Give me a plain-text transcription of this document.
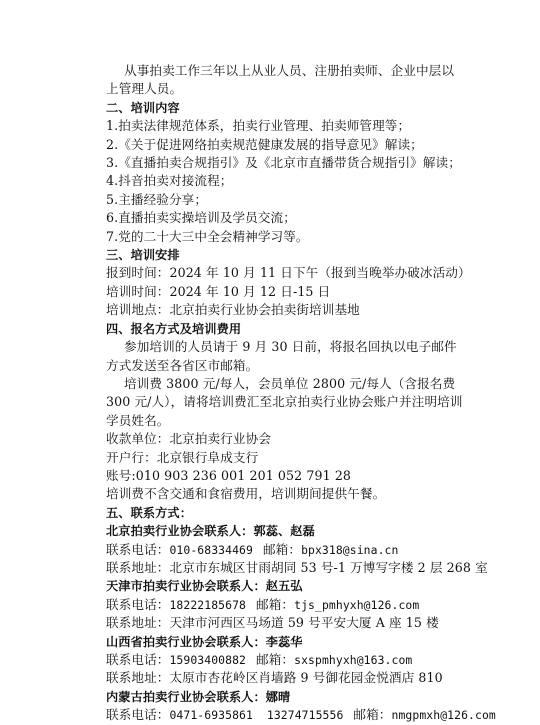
从事拍卖工作三年以上从业人员、注册拍卖师、企业中层以上管理人员。

二、培训内容

1.拍卖法律规范体系，拍卖行业管理、拍卖师管理等；

2.《关于促进网络拍卖规范健康发展的指导意见》解读；

3.《直播拍卖合规指引》及《北京市直播带货合规指引》解读；

4.抖音拍卖对接流程；

5.主播经验分享；

6.直播拍卖实操培训及学员交流；

7.党的二十大三中全会精神学习等。

三、培训安排

报到时间：2024 年 10 月 11 日下午（报到当晚举办破冰活动）

培训时间：2024 年 10 月 12 日-15 日

培训地点：北京拍卖行业协会拍卖街培训基地

四、报名方式及培训费用

参加培训的人员请于 9 月 30 日前，将报名回执以电子邮件方式发送至各省区市邮箱。

培训费 3800 元/每人，会员单位 2800 元/每人（含报名费 300 元/人），请将培训费汇至北京拍卖行业协会账户并注明培训学员姓名。

收款单位：北京拍卖行业协会

开户行：北京银行阜成支行

账号:010 903 236 001 201 052 791 28

培训费不含交通和食宿费用，培训期间提供午餐。

五、联系方式：

北京拍卖行业协会联系人：郭蕊、赵磊

联系电话：010-68334469 邮箱：bpx318@sina.cn

联系地址：北京市东城区甘雨胡同 53 号-1 万博写字楼 2 层 268 室

天津市拍卖行业协会联系人：赵五弘

联系电话：18222185678 邮箱：tjs_pmhyxh@126.com

联系地址：天津市河西区马场道 59 号平安大厦 A 座 15 楼

山西省拍卖行业协会联系人：李蕊华

联系电话：15903400882 邮箱：sxspmhyxh@163.com

联系地址：太原市杏花岭区肖墙路 9 号御花园金悦酒店 810

内蒙古拍卖行业协会联系人：娜晴

联系电话：0471-6935861  13274715556 邮箱：nmgpmxh@126.com
